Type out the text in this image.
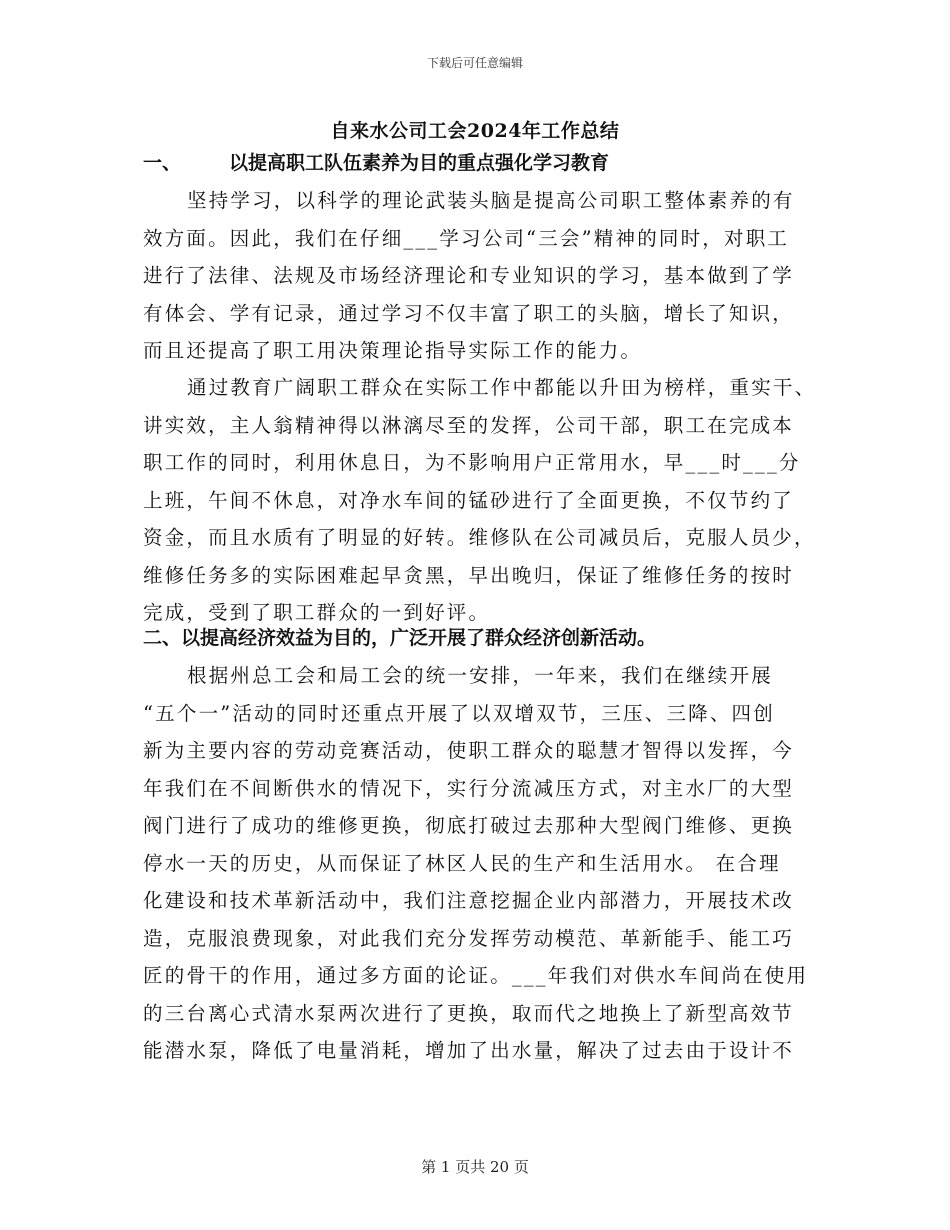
下载后可任意编辑
自来水公司工会2024年工作总结
一、	以提高职工队伍素养为目的重点强化学习教育
坚持学习，以科学的理论武装头脑是提高公司职工整体素养的有
效方面。因此，我们在仔细___学习公司“三会”精神的同时，对职工
进行了法律、法规及市场经济理论和专业知识的学习，基本做到了学
有体会、学有记录，通过学习不仅丰富了职工的头脑，增长了知识，
而且还提高了职工用决策理论指导实际工作的能力。
通过教育广阔职工群众在实际工作中都能以升田为榜样，重实干、
讲实效，主人翁精神得以淋漓尽至的发挥，公司干部，职工在完成本
职工作的同时，利用休息日，为不影响用户正常用水，早___时___分
上班，午间不休息，对净水车间的锰砂进行了全面更换，不仅节约了
资金，而且水质有了明显的好转。维修队在公司减员后，克服人员少，
维修任务多的实际困难起早贪黑，早出晚归，保证了维修任务的按时
完成，受到了职工群众的一到好评。
二、以提高经济效益为目的，广泛开展了群众经济创新活动。
根据州总工会和局工会的统一安排，一年来，我们在继续开展
“五个一”活动的同时还重点开展了以双增双节，三压、三降、四创
新为主要内容的劳动竞赛活动，使职工群众的聪慧才智得以发挥，今
年我们在不间断供水的情况下，实行分流减压方式，对主水厂的大型
阀门进行了成功的维修更换，彻底打破过去那种大型阀门维修、更换
停水一天的历史，从而保证了林区人民的生产和生活用水。 在合理
化建设和技术革新活动中，我们注意挖掘企业内部潜力，开展技术改
造，克服浪费现象，对此我们充分发挥劳动模范、革新能手、能工巧
匠的骨干的作用，通过多方面的论证。___年我们对供水车间尚在使用
的三台离心式清水泵两次进行了更换，取而代之地换上了新型高效节
能潜水泵，降低了电量消耗，增加了出水量，解决了过去由于设计不
第 1 页共 20 页
